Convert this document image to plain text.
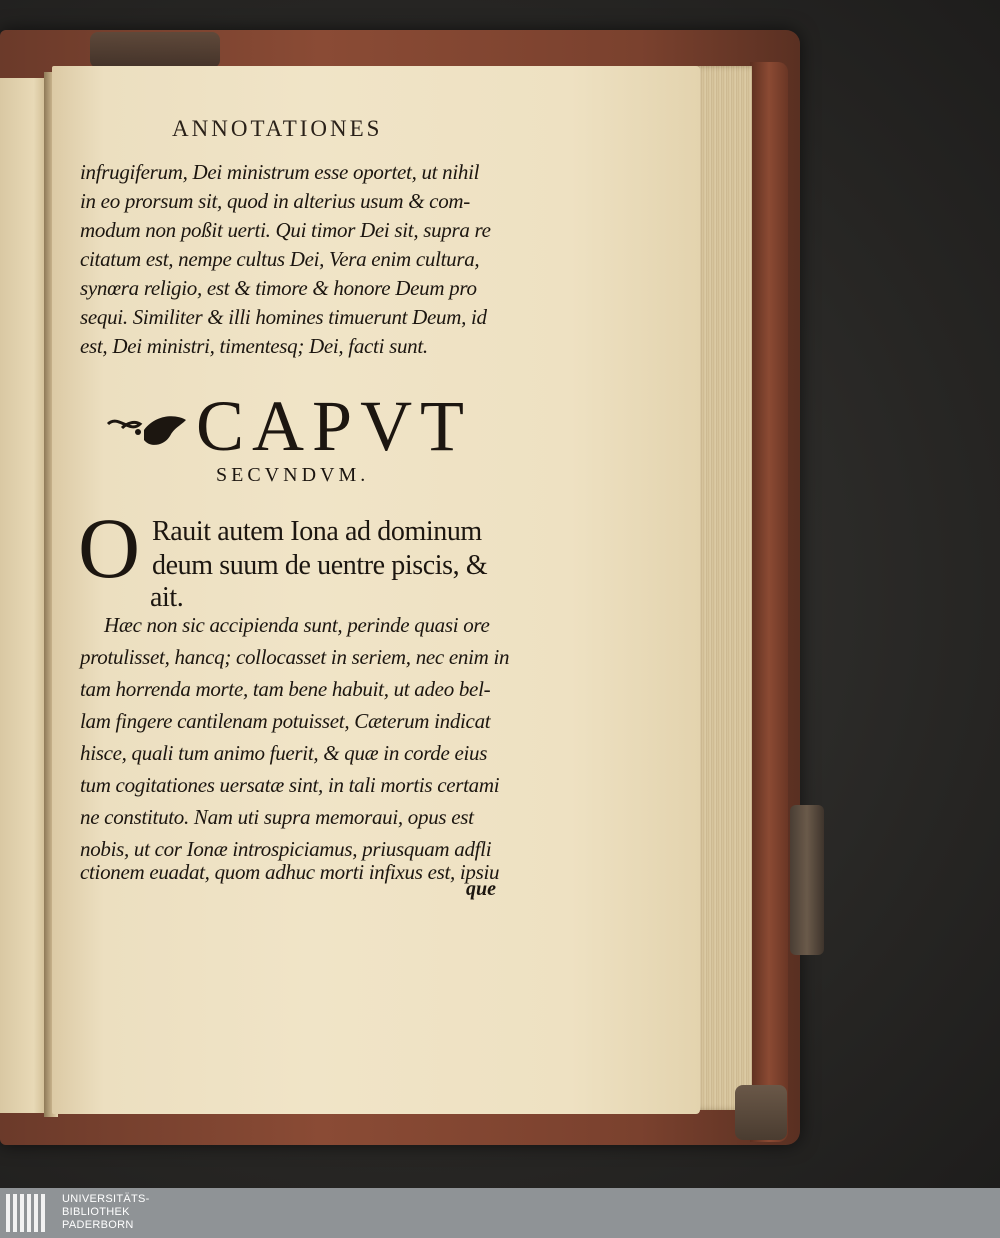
ANNOTATIONES
infrugiferum, Dei ministrum esse oportet, ut nihil
in eo prorsum sit, quod in alterius usum & com-
modum non poßit uerti. Qui timor Dei sit, supra re
citatum est, nempe cultus Dei, Vera enim cultura,
synœra religio, est & timore & honore Deum pro
sequi. Similiter & illi homines timuerunt Deum, id
est, Dei ministri, timentesq; Dei, facti sunt.
CAPVT
SECVNDVM.
O Rauit autem Iona ad dominum
deum suum de uentre piscis, &
ait.
Hæc non sic accipienda sunt, perinde quasi ore
protulisset, hancq; collocasset in seriem, nec enim in
tam horrenda morte, tam bene habuit, ut adeo bel-
lam fingere cantilenam potuisset, Cæterum indicat
hisce, quali tum animo fuerit, & quæ in corde eius
tum cogitationes uersatæ sint, in tali mortis certami
ne constituto. Nam uti supra memoraui, opus est
nobis, ut cor Ionæ introspiciamus, priusquam adfli
ctionem euadat, quom adhuc morti infixus est, ipsiu
que
UNIVERSITÄTS-
BIBLIOTHEK
PADERBORN
